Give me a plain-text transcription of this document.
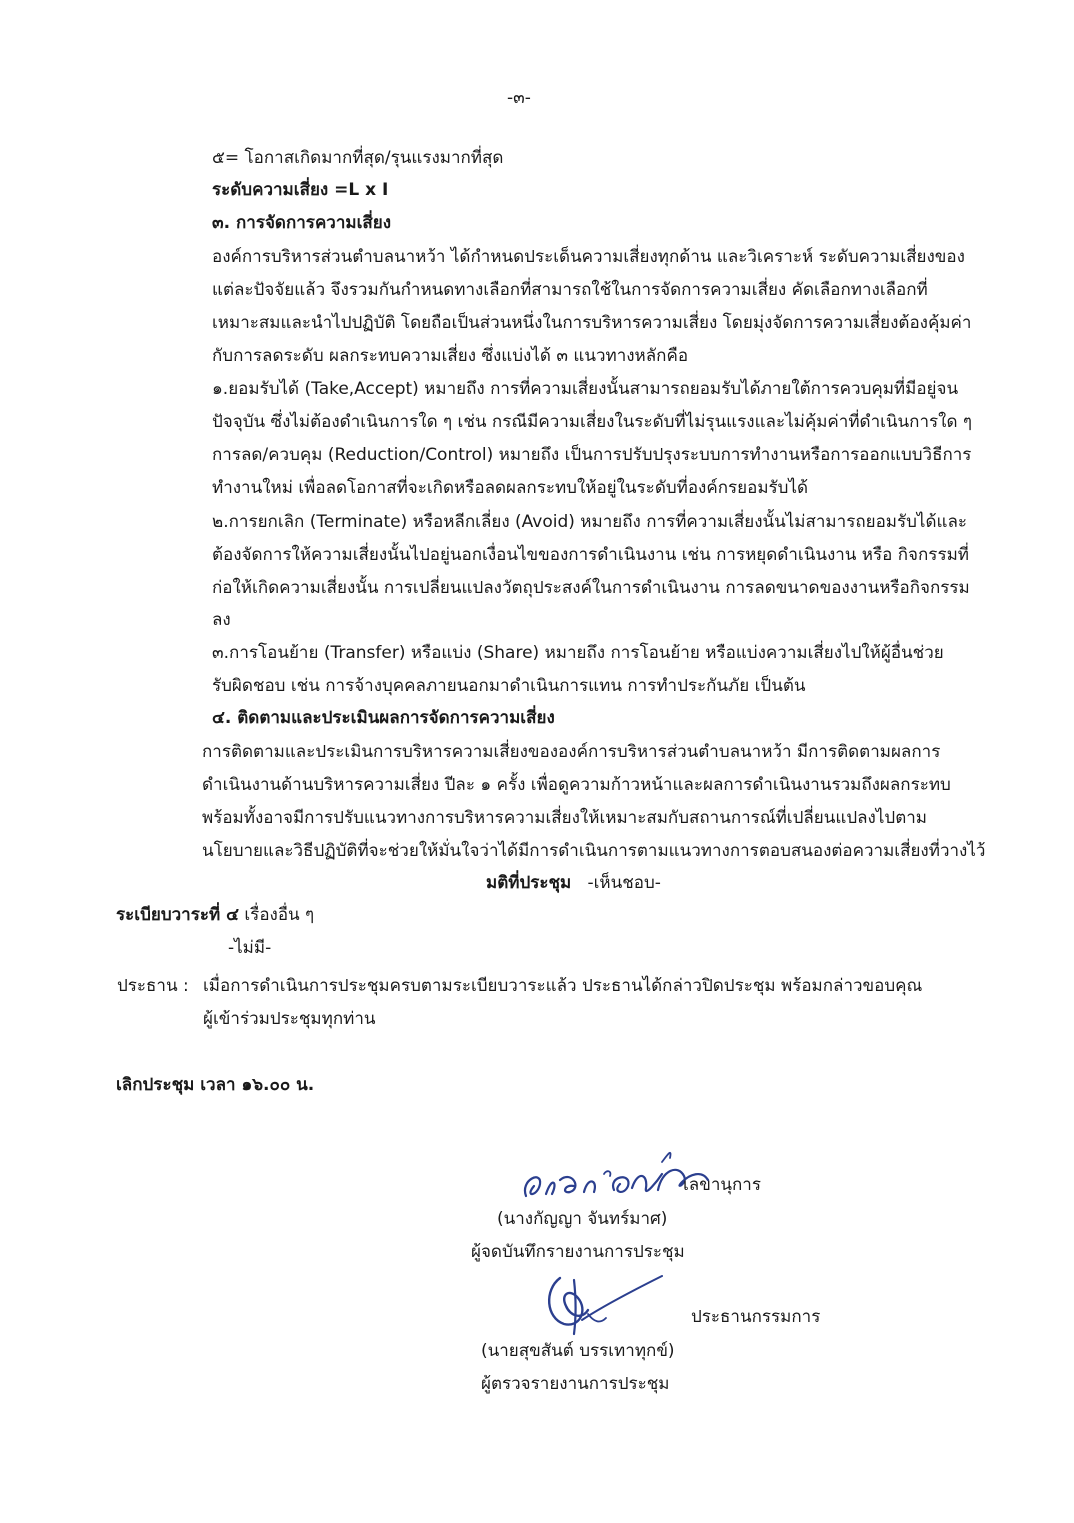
-๓-
๕= โอกาสเกิดมากที่สุด/รุนแรงมากที่สุด
ระดับความเสี่ยง =L x I
๓. การจัดการความเสี่ยง
องค์การบริหารส่วนตำบลนาหว้า ได้กำหนดประเด็นความเสี่ยงทุกด้าน และวิเคราะห์ ระดับความเสี่ยงของ
แต่ละปัจจัยแล้ว จึงรวมกันกำหนดทางเลือกที่สามารถใช้ในการจัดการความเสี่ยง คัดเลือกทางเลือกที่
เหมาะสมและนำไปปฏิบัติ โดยถือเป็นส่วนหนึ่งในการบริหารความเสี่ยง โดยมุ่งจัดการความเสี่ยงต้องคุ้มค่า
กับการลดระดับ ผลกระทบความเสี่ยง ซึ่งแบ่งได้ ๓ แนวทางหลักคือ
๑.ยอมรับได้ (Take,Accept) หมายถึง การที่ความเสี่ยงนั้นสามารถยอมรับได้ภายใต้การควบคุมที่มีอยู่จน
ปัจจุบัน ซึ่งไม่ต้องดำเนินการใด ๆ เช่น กรณีมีความเสี่ยงในระดับที่ไม่รุนแรงและไม่คุ้มค่าที่ดำเนินการใด ๆ
การลด/ควบคุม (Reduction/Control) หมายถึง เป็นการปรับปรุงระบบการทำงานหรือการออกแบบวิธีการ
ทำงานใหม่ เพื่อลดโอกาสที่จะเกิดหรือลดผลกระทบให้อยู่ในระดับที่องค์กรยอมรับได้
๒.การยกเลิก (Terminate) หรือหลีกเลี่ยง (Avoid) หมายถึง การที่ความเสี่ยงนั้นไม่สามารถยอมรับได้และ
ต้องจัดการให้ความเสี่ยงนั้นไปอยู่นอกเงื่อนไขของการดำเนินงาน เช่น การหยุดดำเนินงาน หรือ กิจกรรมที่
ก่อให้เกิดความเสี่ยงนั้น การเปลี่ยนแปลงวัตถุประสงค์ในการดำเนินงาน การลดขนาดของงานหรือกิจกรรม
ลง
๓.การโอนย้าย (Transfer) หรือแบ่ง (Share) หมายถึง การโอนย้าย หรือแบ่งความเสี่ยงไปให้ผู้อื่นช่วย
รับผิดชอบ เช่น การจ้างบุคคลภายนอกมาดำเนินการแทน การทำประกันภัย เป็นต้น
๔. ติดตามและประเมินผลการจัดการความเสี่ยง
การติดตามและประเมินการบริหารความเสี่ยงขององค์การบริหารส่วนตำบลนาหว้า มีการติดตามผลการ
ดำเนินงานด้านบริหารความเสี่ยง ปีละ ๑ ครั้ง เพื่อดูความก้าวหน้าและผลการดำเนินงานรวมถึงผลกระทบ
พร้อมทั้งอาจมีการปรับแนวทางการบริหารความเสี่ยงให้เหมาะสมกับสถานการณ์ที่เปลี่ยนแปลงไปตาม
นโยบายและวิธีปฏิบัติที่จะช่วยให้มั่นใจว่าได้มีการดำเนินการตามแนวทางการตอบสนองต่อความเสี่ยงที่วางไว้
มติที่ประชุม -เห็นชอบ-
ระเบียบวาระที่ ๔ เรื่องอื่น ๆ
-ไม่มี-
ประธาน : เมื่อการดำเนินการประชุมครบตามระเบียบวาระแล้ว ประธานได้กล่าวปิดประชุม พร้อมกล่าวขอบคุณ
ผู้เข้าร่วมประชุมทุกท่าน
เลิกประชุม เวลา ๑๖.๐๐ น.
เลขานุการ
(นางกัญญา จันทร์มาศ)
ผู้จดบันทึกรายงานการประชุม
ประธานกรรมการ
(นายสุขสันต์ บรรเทาทุกข์)
ผู้ตรวจรายงานการประชุม
